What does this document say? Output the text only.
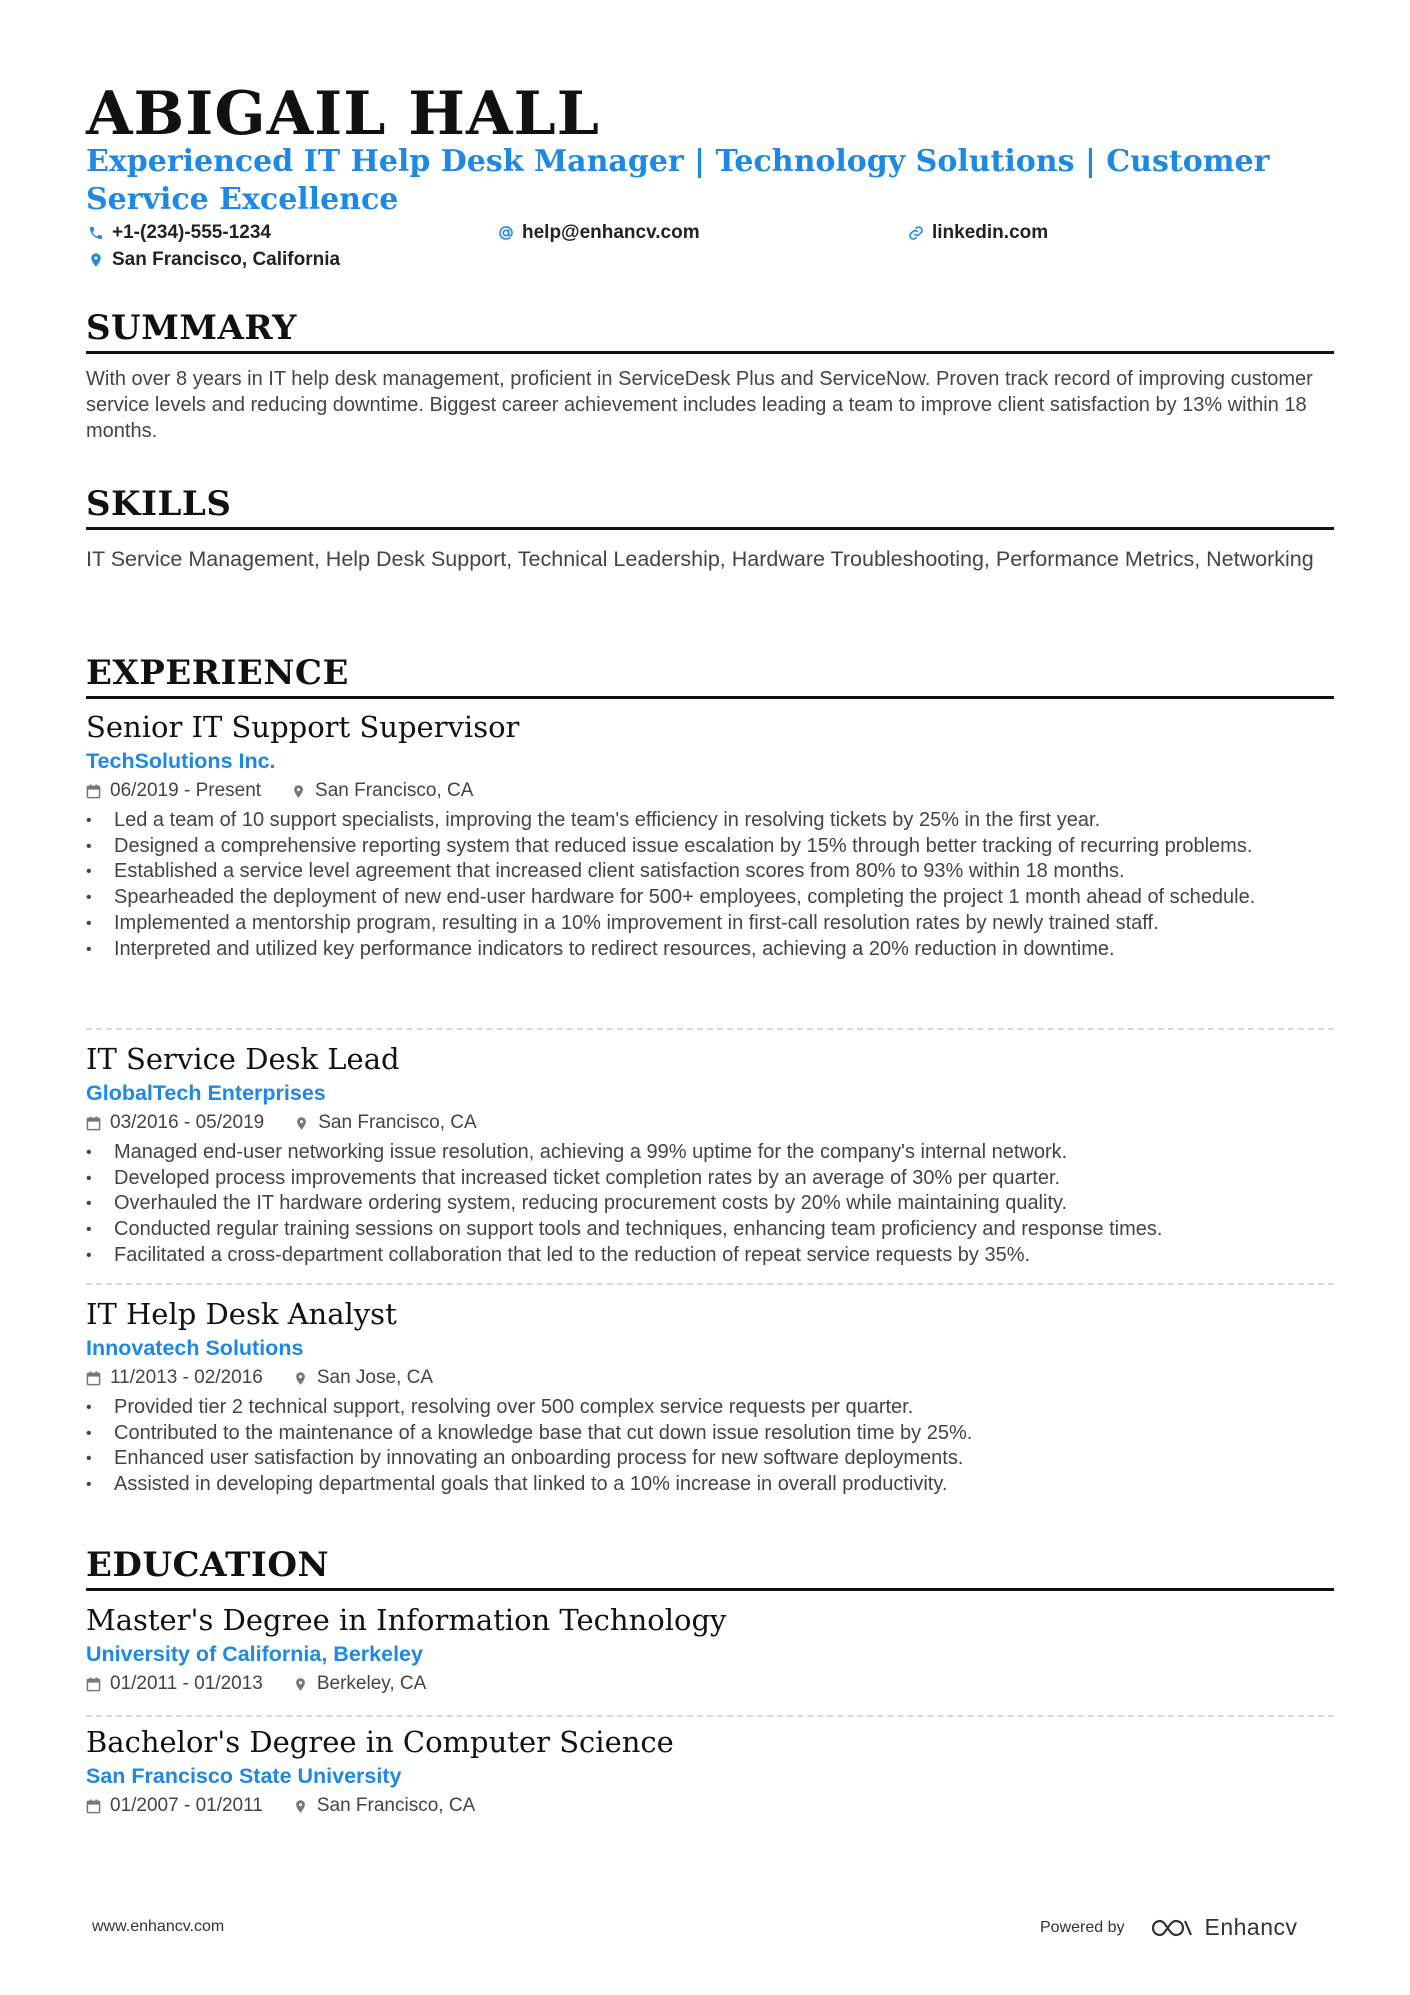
ABIGAIL HALL
Experienced IT Help Desk Manager | Technology Solutions | Customer Service Excellence
+1-(234)-555-1234	help@enhancv.com	linkedin.com
San Francisco, California
SUMMARY

With over 8 years in IT help desk management, proficient in ServiceDesk Plus and ServiceNow. Proven track record of improving customer service levels and reducing downtime. Biggest career achievement includes leading a team to improve client satisfaction by 13% within 18 months.

SKILLS

IT Service Management, Help Desk Support, Technical Leadership, Hardware Troubleshooting, Performance Metrics, Networking

EXPERIENCE
Senior IT Support Supervisor
TechSolutions Inc.
06/2019 - Present	San Francisco, CA
• Led a team of 10 support specialists, improving the team's efficiency in resolving tickets by 25% in the first year.
• Designed a comprehensive reporting system that reduced issue escalation by 15% through better tracking of recurring problems.
• Established a service level agreement that increased client satisfaction scores from 80% to 93% within 18 months.
• Spearheaded the deployment of new end-user hardware for 500+ employees, completing the project 1 month ahead of schedule.
• Implemented a mentorship program, resulting in a 10% improvement in first-call resolution rates by newly trained staff.
• Interpreted and utilized key performance indicators to redirect resources, achieving a 20% reduction in downtime.
IT Service Desk Lead
GlobalTech Enterprises
03/2016 - 05/2019	San Francisco, CA
• Managed end-user networking issue resolution, achieving a 99% uptime for the company's internal network.
• Developed process improvements that increased ticket completion rates by an average of 30% per quarter.
• Overhauled the IT hardware ordering system, reducing procurement costs by 20% while maintaining quality.
• Conducted regular training sessions on support tools and techniques, enhancing team proficiency and response times.
• Facilitated a cross-department collaboration that led to the reduction of repeat service requests by 35%.
IT Help Desk Analyst
Innovatech Solutions
11/2013 - 02/2016	San Jose, CA
• Provided tier 2 technical support, resolving over 500 complex service requests per quarter.
• Contributed to the maintenance of a knowledge base that cut down issue resolution time by 25%.
• Enhanced user satisfaction by innovating an onboarding process for new software deployments.
• Assisted in developing departmental goals that linked to a 10% increase in overall productivity.
EDUCATION
Master's Degree in Information Technology
University of California, Berkeley
01/2011 - 01/2013	Berkeley, CA
Bachelor's Degree in Computer Science
San Francisco State University
01/2007 - 01/2011	San Francisco, CA
www.enhancv.com	Powered by	Enhancv
